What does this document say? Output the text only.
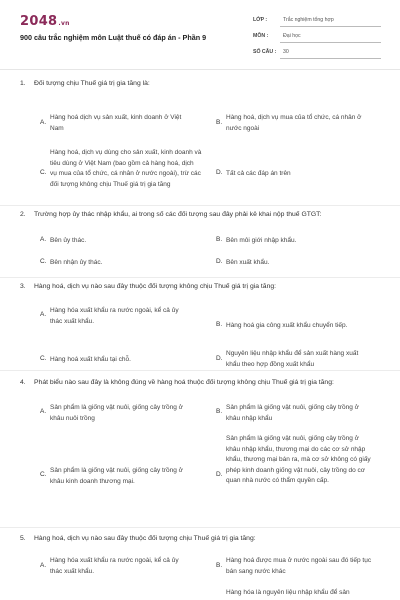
2048.vn
900 câu trắc nghiệm môn Luật thuế có đáp án - Phần 9
LỚP :	Trắc nghiệm tổng hợp
MÔN :	Đại học
SỐ CÂU :	30
1. Đối tượng chịu Thuế giá trị gia tăng là:
A.
Hàng hoá dịch vụ sản xuất, kinh doanh ở Việt Nam
B.
Hàng hoá, dịch vụ mua của tổ chức, cá nhân ở nước ngoài
C.
Hàng hoá, dịch vụ dùng cho sản xuất, kinh doanh và tiêu dùng ở Việt Nam (bao gồm cả hàng hoá, dịch vụ mua của tổ chức, cá nhân ở nước ngoài), trừ các đối tượng không chịu Thuế giá trị gia tăng
D. Tất cả các đáp án trên
2. Trường hợp ủy thác nhập khẩu, ai trong số các đối tượng sau đây phải kê khai nộp thuế GTGT:
A. Bên ủy thác.	B. Bên môi giới nhập khẩu.
C. Bên nhận ủy thác.	D. Bên xuất khẩu.
3. Hàng hoá, dịch vụ nào sau đây thuộc đối tượng không chịu Thuế giá trị gia tăng:
A.
Hàng hóa xuất khẩu ra nước ngoài, kể cả ủy thác xuất khẩu.	B. Hàng hoá gia công xuất khẩu chuyển tiếp.
C. Hàng hoá xuất khẩu tại chỗ.	D.
Nguyên liệu nhập khẩu để sản xuất hàng xuất khẩu theo hợp đồng xuất khẩu
4. Phát biểu nào sau đây là không đúng về hàng hoá thuộc đối tượng không chịu Thuế giá trị gia tăng:
A.
Sản phẩm là giống vật nuôi, giống cây trồng ở khâu nuôi trồng
B.
Sản phẩm là giống vật nuôi, giống cây trồng ở khâu nhập khẩu
C.
Sản phẩm là giống vật nuôi, giống cây trồng ở khâu kinh doanh thương mại.
D.
Sản phẩm là giống vật nuôi, giống cây trồng ở khâu nhập khẩu, thương mại do các cơ sở nhập khẩu, thương mại bán ra, mà cơ sở không có giấy phép kinh doanh giống vật nuôi, cây trồng do cơ quan nhà nước có thẩm quyền cấp.
5. Hàng hoá, dịch vụ nào sau đây thuộc đối tượng chịu Thuế giá trị gia tăng:
A.
Hàng hóa xuất khẩu ra nước ngoài, kể cả ủy thác xuất khẩu.
B.
Hàng hoá được mua ở nước ngoài sau đó tiếp tục bán sang nước khác
Hàng hóa là nguyên liệu nhập khẩu để sản
